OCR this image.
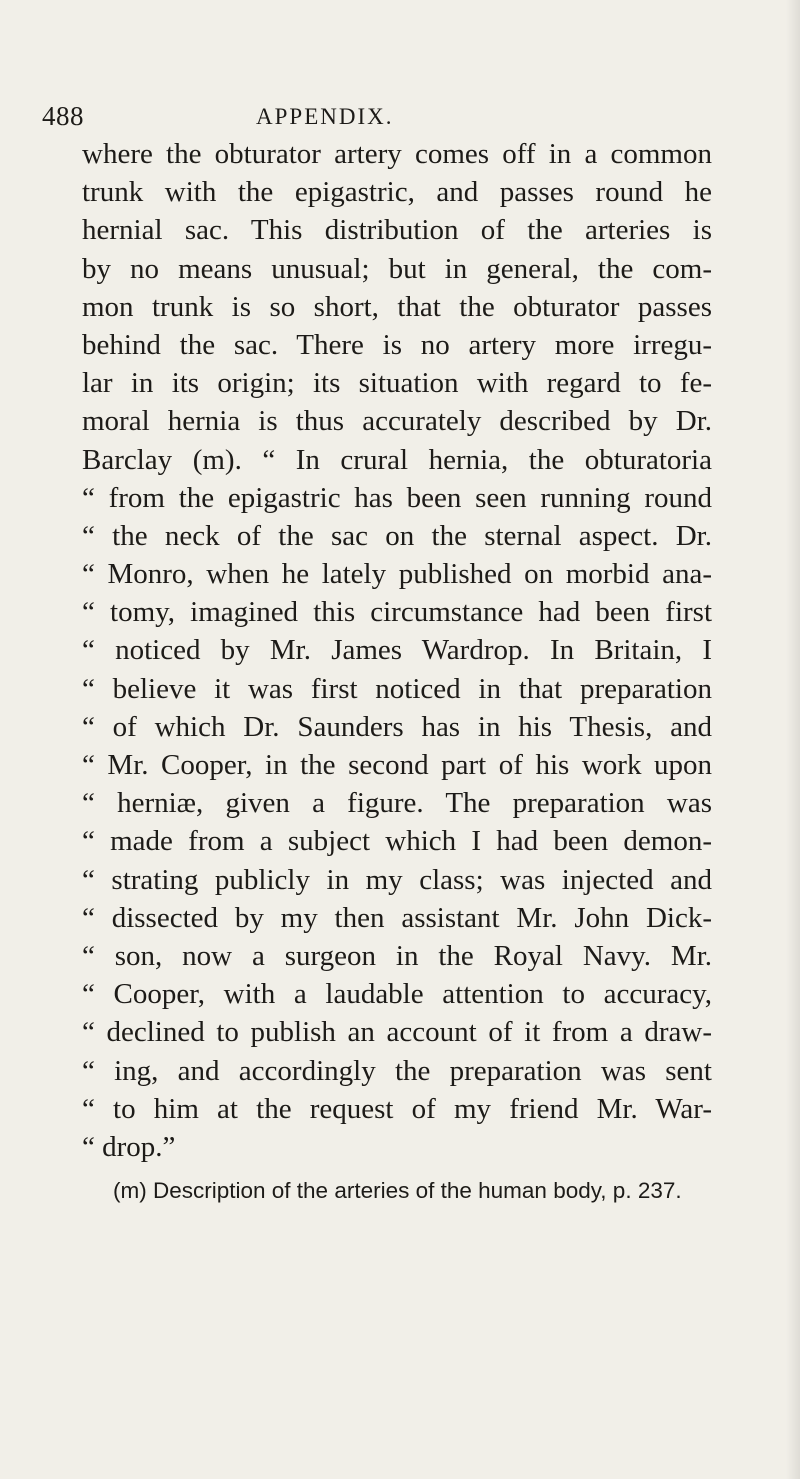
488	APPENDIX.
where the obturator artery comes off in a common
trunk with the epigastric, and passes round he
hernial sac. This distribution of the arteries is
by no means unusual; but in general, the com-
mon trunk is so short, that the obturator passes
behind the sac. There is no artery more irregu-
lar in its origin; its situation with regard to fe-
moral hernia is thus accurately described by Dr.
Barclay (m). “ In crural hernia, the obturatoria
“ from the epigastric has been seen running round
“ the neck of the sac on the sternal aspect. Dr.
“ Monro, when he lately published on morbid ana-
“ tomy, imagined this circumstance had been first
“ noticed by Mr. James Wardrop. In Britain, I
“ believe it was first noticed in that preparation
“ of which Dr. Saunders has in his Thesis, and
“ Mr. Cooper, in the second part of his work upon
“ herniæ, given a figure. The preparation was
“ made from a subject which I had been demon-
“ strating publicly in my class; was injected and
“ dissected by my then assistant Mr. John Dick-
“ son, now a surgeon in the Royal Navy. Mr.
“ Cooper, with a laudable attention to accuracy,
“ declined to publish an account of it from a draw-
“ ing, and accordingly the preparation was sent
“ to him at the request of my friend Mr. War-
“ drop.”
(m) Description of the arteries of the human body, p. 237.
